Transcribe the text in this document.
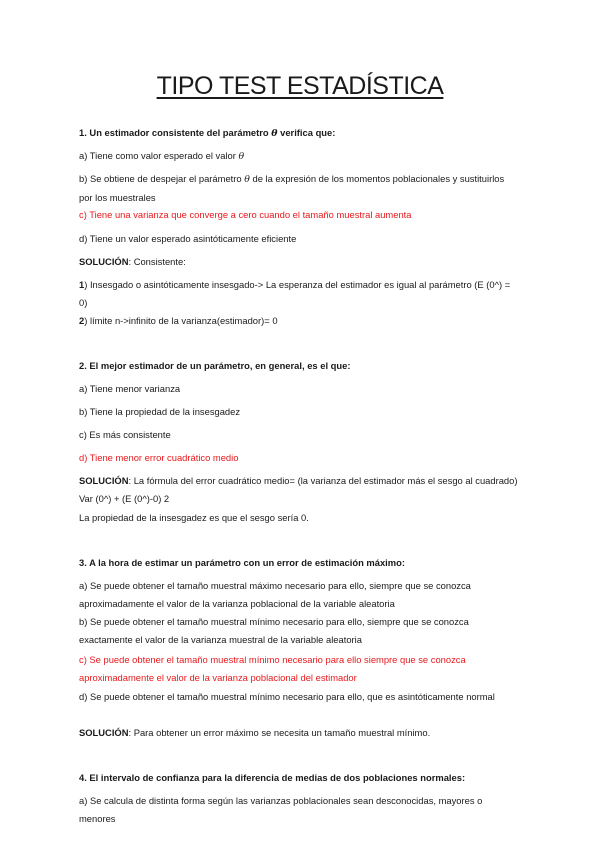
TIPO TEST ESTADÍSTICA

1. Un estimador consistente del parámetro θ verifica que:

a) Tiene como valor esperado el valor θ

b) Se obtiene de despejar el parámetro θ de la expresión de los momentos poblacionales y sustituirlos por los muestrales

c) Tiene una varianza que converge a cero cuando el tamaño muestral aumenta

d) Tiene un valor esperado asintóticamente eficiente

SOLUCIÓN: Consistente:

1) Insesgado o asintóticamente insesgado-> La esperanza del estimador es igual al parámetro (E (0^) = 0)

2) límite n->infinito de la varianza(estimador)= 0

2. El mejor estimador de un parámetro, en general, es el que:

a) Tiene menor varianza

b) Tiene la propiedad de la insesgadez

c) Es más consistente

d) Tiene menor error cuadrático medio

SOLUCIÓN: La fórmula del error cuadrático medio= (la varianza del estimador más el sesgo al cuadrado) Var (0^) + (E (0^)-0) 2

La propiedad de la insesgadez es que el sesgo sería 0.

3. A la hora de estimar un parámetro con un error de estimación máximo:

a) Se puede obtener el tamaño muestral máximo necesario para ello, siempre que se conozca aproximadamente el valor de la varianza poblacional de la variable aleatoria

b) Se puede obtener el tamaño muestral mínimo necesario para ello, siempre que se conozca exactamente el valor de la varianza muestral de la variable aleatoria

c) Se puede obtener el tamaño muestral mínimo necesario para ello siempre que se conozca aproximadamente el valor de la varianza poblacional del estimador

d) Se puede obtener el tamaño muestral mínimo necesario para ello, que es asintóticamente normal

SOLUCIÓN: Para obtener un error máximo se necesita un tamaño muestral mínimo.

4. El intervalo de confianza para la diferencia de medias de dos poblaciones normales:

a) Se calcula de distinta forma según las varianzas poblacionales sean desconocidas, mayores o menores
